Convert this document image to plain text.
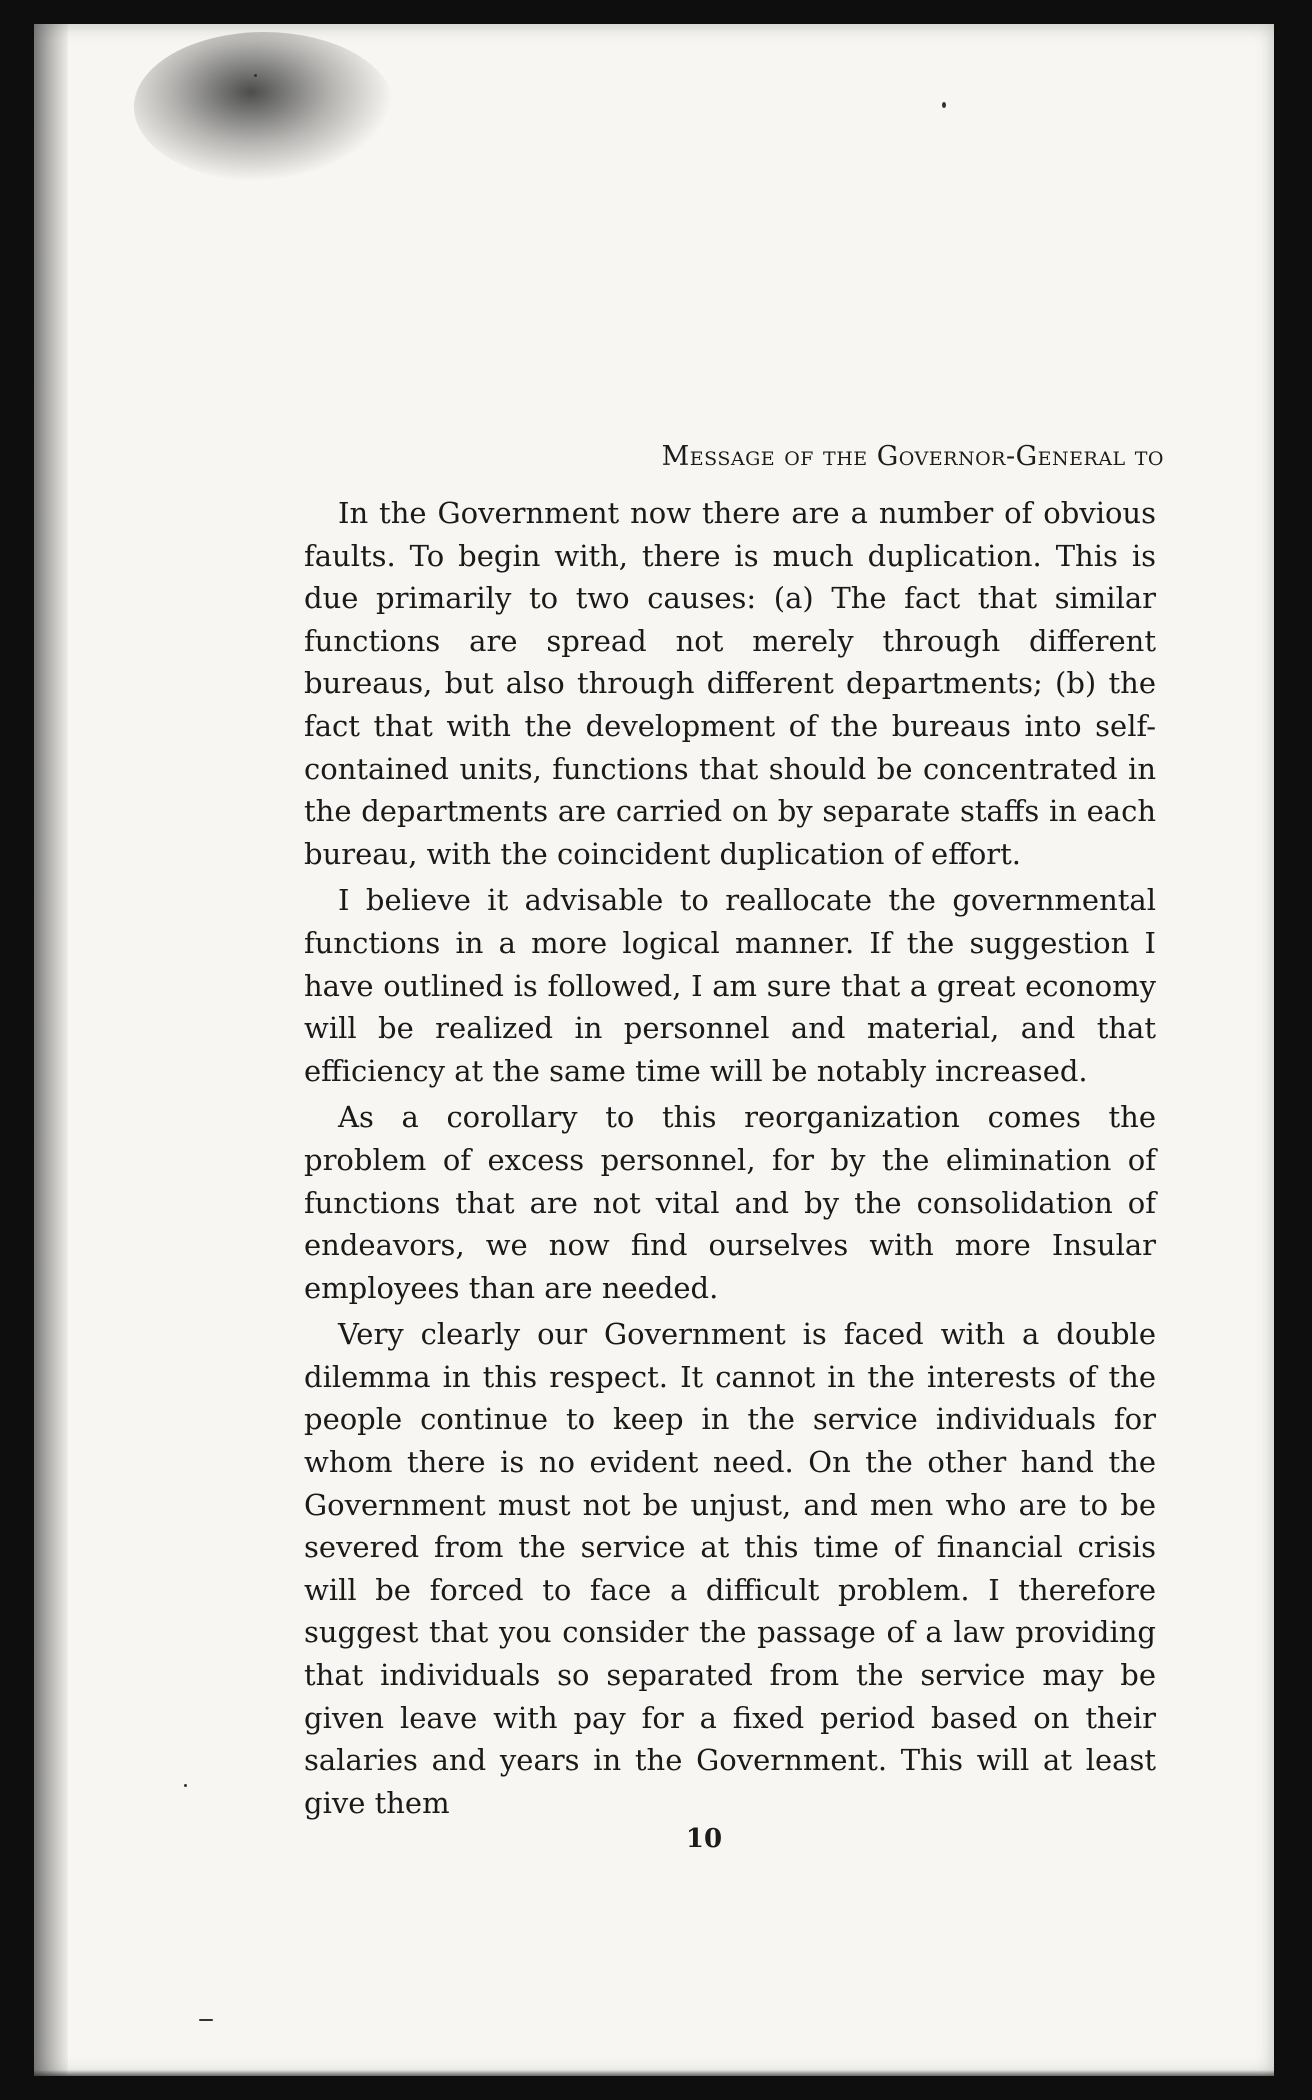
Message of the Governor-General to

In the Government now there are a number of obvious faults. To begin with, there is much duplication. This is due primarily to two causes: (a) The fact that similar functions are spread not merely through different bureaus, but also through different departments; (b) the fact that with the development of the bureaus into self-contained units, functions that should be concentrated in the departments are carried on by separate staffs in each bureau, with the coincident duplication of effort.

I believe it advisable to reallocate the governmental functions in a more logical manner. If the suggestion I have outlined is followed, I am sure that a great economy will be realized in personnel and material, and that efficiency at the same time will be notably increased.

As a corollary to this reorganization comes the problem of excess personnel, for by the elimination of functions that are not vital and by the consolidation of endeavors, we now find ourselves with more Insular employees than are needed.

Very clearly our Government is faced with a double dilemma in this respect. It cannot in the interests of the people continue to keep in the service individuals for whom there is no evident need. On the other hand the Government must not be unjust, and men who are to be severed from the service at this time of financial crisis will be forced to face a difficult problem. I therefore suggest that you consider the passage of a law providing that individuals so separated from the service may be given leave with pay for a fixed period based on their salaries and years in the Government. This will at least give them

10
